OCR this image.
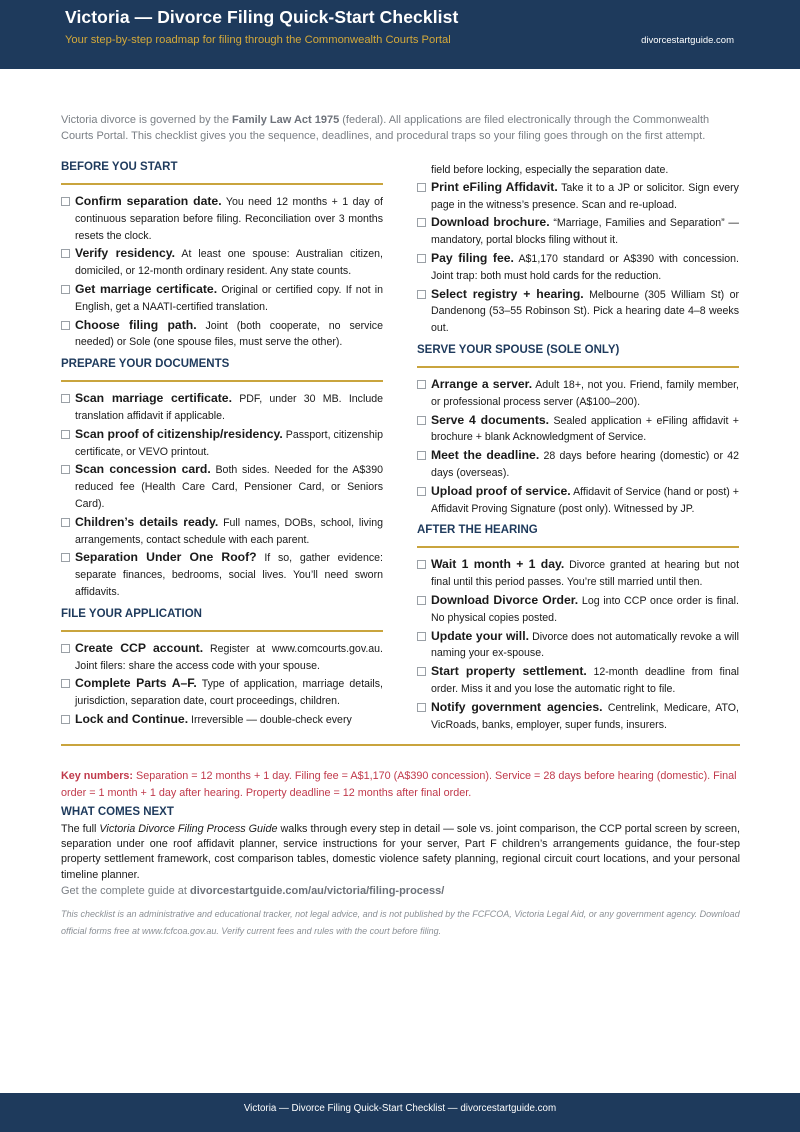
Victoria — Divorce Filing Quick-Start Checklist
Your step-by-step roadmap for filing through the Commonwealth Courts Portal	divorcestartguide.com
Victoria divorce is governed by the Family Law Act 1975 (federal). All applications are filed electronically through the Commonwealth Courts Portal. This checklist gives you the sequence, deadlines, and procedural traps so your filing goes through on the first attempt.
BEFORE YOU START
Confirm separation date. You need 12 months + 1 day of continuous separation before filing. Reconciliation over 3 months resets the clock.
Verify residency. At least one spouse: Australian citizen, domiciled, or 12-month ordinary resident. Any state counts.
Get marriage certificate. Original or certified copy. If not in English, get a NAATI-certified translation.
Choose filing path. Joint (both cooperate, no service needed) or Sole (one spouse files, must serve the other).
PREPARE YOUR DOCUMENTS
Scan marriage certificate. PDF, under 30 MB. Include translation affidavit if applicable.
Scan proof of citizenship/residency. Passport, citizenship certificate, or VEVO printout.
Scan concession card. Both sides. Needed for the A$390 reduced fee (Health Care Card, Pensioner Card, or Seniors Card).
Children’s details ready. Full names, DOBs, school, living arrangements, contact schedule with each parent.
Separation Under One Roof? If so, gather evidence: separate finances, bedrooms, social lives. You’ll need sworn affidavits.
FILE YOUR APPLICATION
Create CCP account. Register at www.comcourts.gov.au. Joint filers: share the access code with your spouse.
Complete Parts A–F. Type of application, marriage details, jurisdiction, separation date, court proceedings, children.
Lock and Continue. Irreversible — double-check every
field before locking, especially the separation date.
Print eFiling Affidavit. Take it to a JP or solicitor. Sign every page in the witness’s presence. Scan and re-upload.
Download brochure. “Marriage, Families and Separation” — mandatory, portal blocks filing without it.
Pay filing fee. A$1,170 standard or A$390 with concession. Joint trap: both must hold cards for the reduction.
Select registry + hearing. Melbourne (305 William St) or Dandenong (53–55 Robinson St). Pick a hearing date 4–8 weeks out.
SERVE YOUR SPOUSE (SOLE ONLY)
Arrange a server. Adult 18+, not you. Friend, family member, or professional process server (A$100–200).
Serve 4 documents. Sealed application + eFiling affidavit + brochure + blank Acknowledgment of Service.
Meet the deadline. 28 days before hearing (domestic) or 42 days (overseas).
Upload proof of service. Affidavit of Service (hand or post) + Affidavit Proving Signature (post only). Witnessed by JP.
AFTER THE HEARING
Wait 1 month + 1 day. Divorce granted at hearing but not final until this period passes. You’re still married until then.
Download Divorce Order. Log into CCP once order is final. No physical copies posted.
Update your will. Divorce does not automatically revoke a will naming your ex-spouse.
Start property settlement. 12-month deadline from final order. Miss it and you lose the automatic right to file.
Notify government agencies. Centrelink, Medicare, ATO, VicRoads, banks, employer, super funds, insurers.
Key numbers: Separation = 12 months + 1 day. Filing fee = A$1,170 (A$390 concession). Service = 28 days before hearing (domestic). Final order = 1 month + 1 day after hearing. Property deadline = 12 months after final order.
WHAT COMES NEXT
The full Victoria Divorce Filing Process Guide walks through every step in detail — sole vs. joint comparison, the CCP portal screen by screen, separation under one roof affidavit planner, service instructions for your server, Part F children’s arrangements guidance, the four-step property settlement framework, cost comparison tables, domestic violence safety planning, regional circuit court locations, and your personal timeline planner.
Get the complete guide at divorcestartguide.com/au/victoria/filing-process/
This checklist is an administrative and educational tracker, not legal advice, and is not published by the FCFCOA, Victoria Legal Aid, or any government agency. Download official forms free at www.fcfcoa.gov.au. Verify current fees and rules with the court before filing.
Victoria — Divorce Filing Quick-Start Checklist — divorcestartguide.com
